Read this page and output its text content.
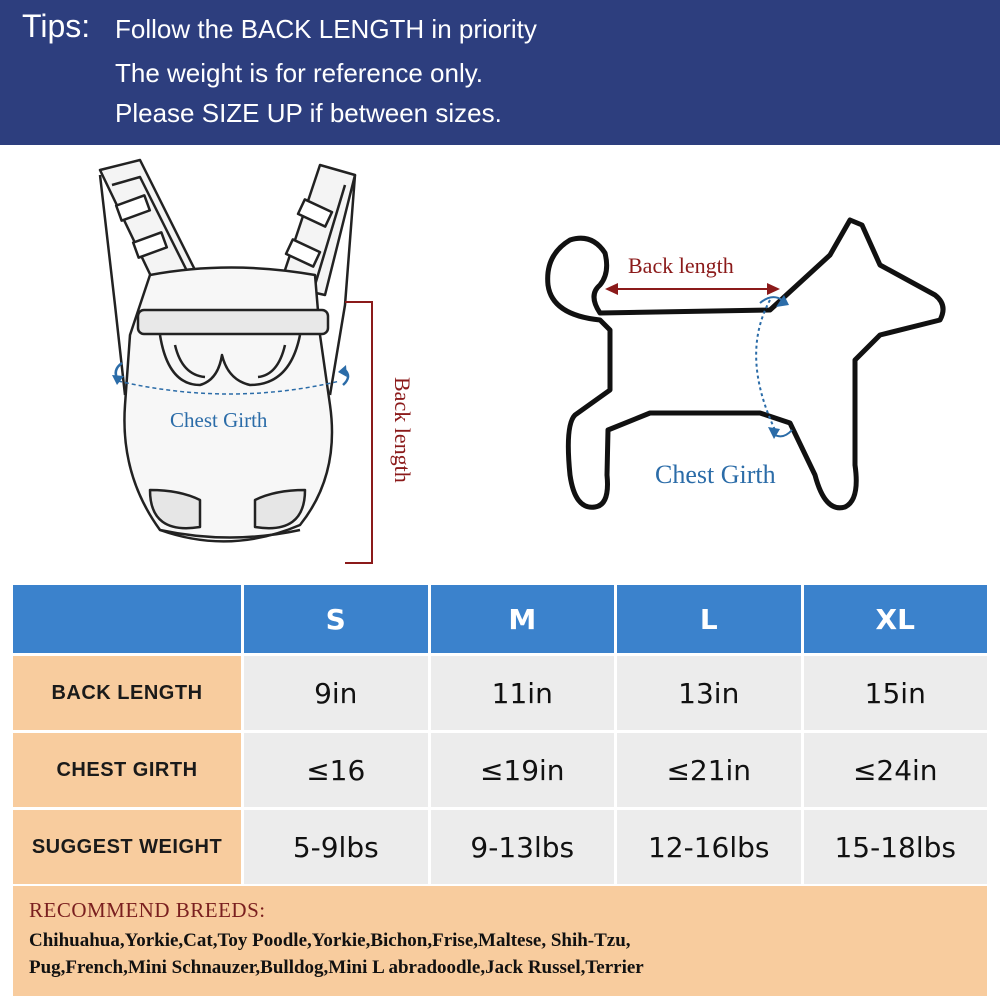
Tips: Follow the BACK LENGTH in priority
The weight is for reference only.
Please SIZE UP if between sizes.
Chest Girth	Back length
Back length
Chest Girth
	S	M	L	XL
BACK LENGTH	9in	11in	13in	15in
CHEST GIRTH	≤16	≤19in	≤21in	≤24in
SUGGEST WEIGHT	5-9lbs	9-13lbs	12-16lbs	15-18lbs
RECOMMEND BREEDS:
Chihuahua,Yorkie,Cat,Toy Poodle,Yorkie,Bichon,Frise,Maltese, Shih-Tzu,
Pug,French,Mini Schnauzer,Bulldog,Mini L abradoodle,Jack Russel,Terrier
